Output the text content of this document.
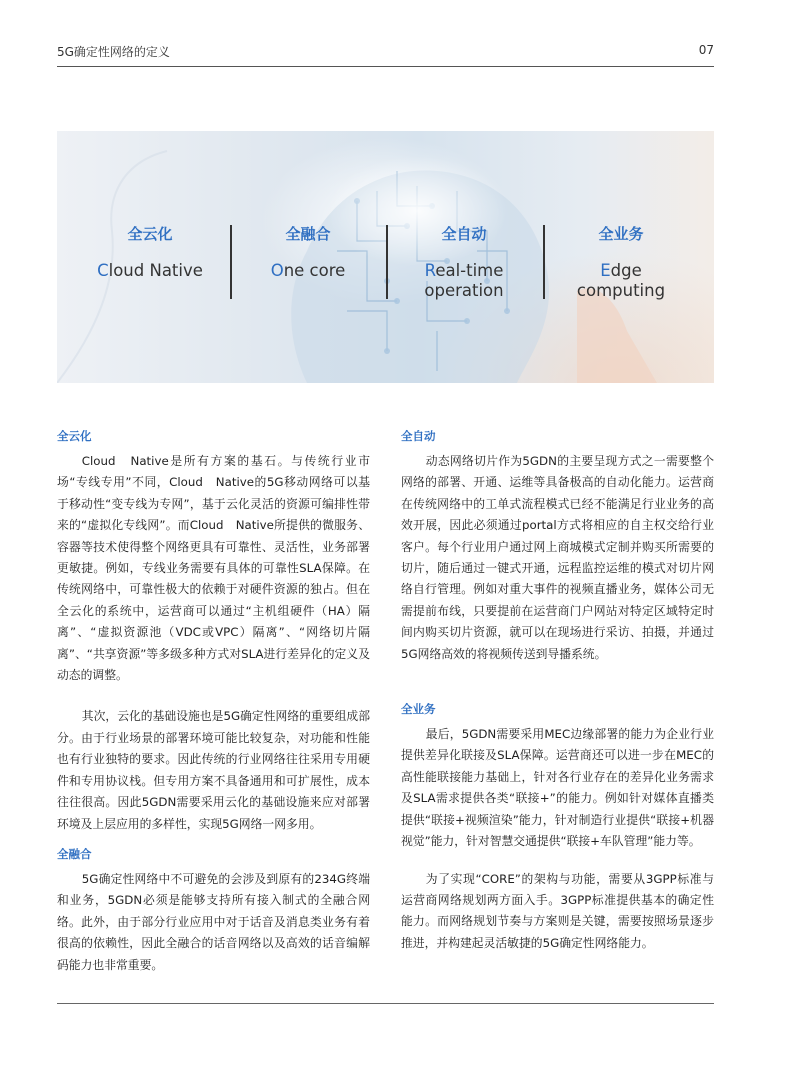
5G确定性网络的定义	07
全云化
Cloud Native
全融合
One core
全自动
Real-time
operation
全业务
Edge
computing
全云化

Cloud　Native是所有方案的基石。与传统行业市场“专线专用”不同，Cloud　Native的5G移动网络可以基于移动性“变专线为专网”，基于云化灵活的资源可编排性带来的“虚拟化专线网”。而Cloud　Native所提供的微服务、容器等技术使得整个网络更具有可靠性、灵活性，业务部署更敏捷。例如，专线业务需要有具体的可靠性SLA保障。在传统网络中，可靠性极大的依赖于对硬件资源的独占。但在全云化的系统中，运营商可以通过“主机组硬件（HA）隔离”、“虚拟资源池（VDC或VPC）隔离”、“网络切片隔离”、“共享资源”等多级多种方式对SLA进行差异化的定义及动态的调整。

其次，云化的基础设施也是5G确定性网络的重要组成部分。由于行业场景的部署环境可能比较复杂，对功能和性能也有行业独特的要求。因此传统的行业网络往往采用专用硬件和专用协议栈。但专用方案不具备通用和可扩展性，成本往往很高。因此5GDN需要采用云化的基础设施来应对部署环境及上层应用的多样性，实现5G网络一网多用。

全融合

5G确定性网络中不可避免的会涉及到原有的234G终端和业务，5GDN必须是能够支持所有接入制式的全融合网络。此外，由于部分行业应用中对于话音及消息类业务有着很高的依赖性，因此全融合的话音网络以及高效的话音编解码能力也非常重要。

全自动

动态网络切片作为5GDN的主要呈现方式之一需要整个网络的部署、开通、运维等具备极高的自动化能力。运营商在传统网络中的工单式流程模式已经不能满足行业业务的高效开展，因此必须通过portal方式将相应的自主权交给行业客户。每个行业用户通过网上商城模式定制并购买所需要的切片，随后通过一键式开通，远程监控运维的模式对切片网络自行管理。例如对重大事件的视频直播业务，媒体公司无需提前布线，只要提前在运营商门户网站对特定区域特定时间内购买切片资源，就可以在现场进行采访、拍摄，并通过5G网络高效的将视频传送到导播系统。

全业务

最后，5GDN需要采用MEC边缘部署的能力为企业行业提供差异化联接及SLA保障。运营商还可以进一步在MEC的高性能联接能力基础上，针对各行业存在的差异化业务需求及SLA需求提供各类“联接+”的能力。例如针对媒体直播类提供“联接+视频渲染”能力，针对制造行业提供“联接+机器视觉”能力，针对智慧交通提供“联接+车队管理”能力等。

为了实现“CORE”的架构与功能，需要从3GPP标准与运营商网络规划两方面入手。3GPP标准提供基本的确定性能力。而网络规划节奏与方案则是关键，需要按照场景逐步推进，并构建起灵活敏捷的5G确定性网络能力。
